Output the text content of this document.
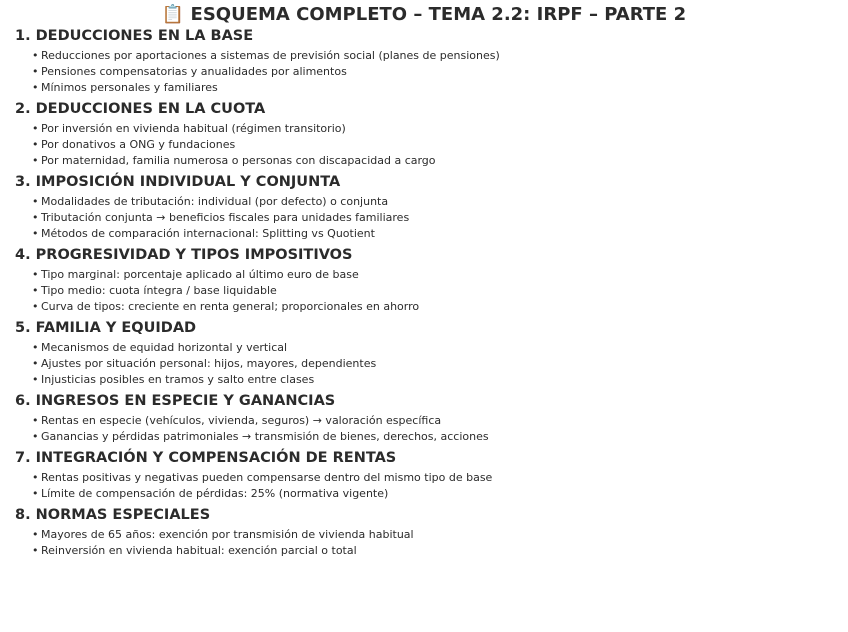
📋 ESQUEMA COMPLETO – TEMA 2.2: IRPF – PARTE 2
1. DEDUCCIONES EN LA BASE
• Reducciones por aportaciones a sistemas de previsión social (planes de pensiones)
• Pensiones compensatorias y anualidades por alimentos
• Mínimos personales y familiares
2. DEDUCCIONES EN LA CUOTA
• Por inversión en vivienda habitual (régimen transitorio)
• Por donativos a ONG y fundaciones
• Por maternidad, familia numerosa o personas con discapacidad a cargo
3. IMPOSICIÓN INDIVIDUAL Y CONJUNTA
• Modalidades de tributación: individual (por defecto) o conjunta
• Tributación conjunta → beneficios fiscales para unidades familiares
• Métodos de comparación internacional: Splitting vs Quotient
4. PROGRESIVIDAD Y TIPOS IMPOSITIVOS
• Tipo marginal: porcentaje aplicado al último euro de base
• Tipo medio: cuota íntegra / base liquidable
• Curva de tipos: creciente en renta general; proporcionales en ahorro
5. FAMILIA Y EQUIDAD
• Mecanismos de equidad horizontal y vertical
• Ajustes por situación personal: hijos, mayores, dependientes
• Injusticias posibles en tramos y salto entre clases
6. INGRESOS EN ESPECIE Y GANANCIAS
• Rentas en especie (vehículos, vivienda, seguros) → valoración específica
• Ganancias y pérdidas patrimoniales → transmisión de bienes, derechos, acciones
7. INTEGRACIÓN Y COMPENSACIÓN DE RENTAS
• Rentas positivas y negativas pueden compensarse dentro del mismo tipo de base
• Límite de compensación de pérdidas: 25% (normativa vigente)
8. NORMAS ESPECIALES
• Mayores de 65 años: exención por transmisión de vivienda habitual
• Reinversión en vivienda habitual: exención parcial o total
